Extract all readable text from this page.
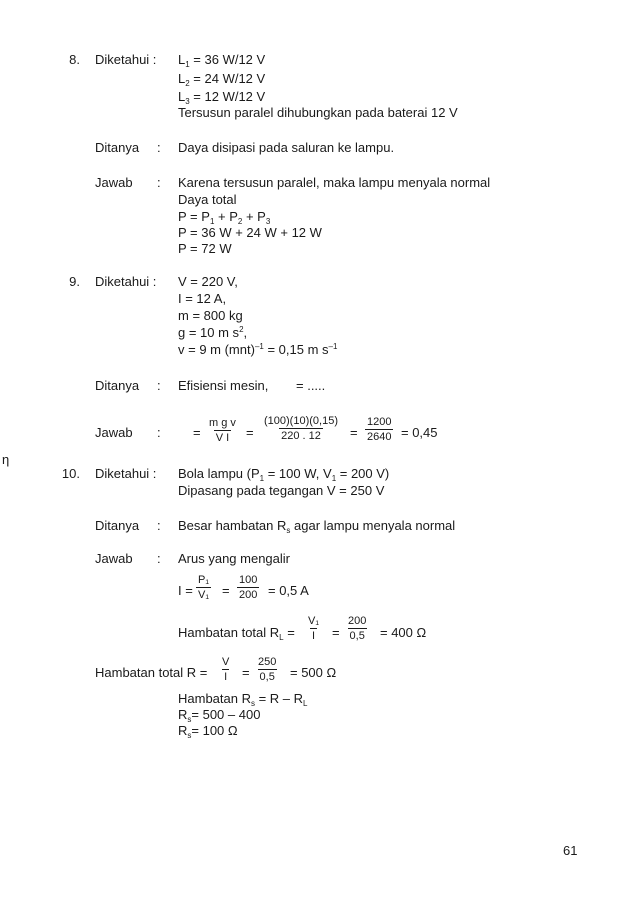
8. Diketahui : $L_1 = 36$ W/12 V
$L_2 = 24$ W/12 V
$L_3 = 12$ W/12 V
Tersusun paralel dihubungkan pada baterai 12 V
Ditanya : Daya disipasi pada saluran ke lampu.
Jawab : Karena tersusun paralel, maka lampu menyala normal
Daya total
$P = P_1 + P_2 + P_3$
P = 36 W + 24 W + 12 W
P = 72 W
9. Diketahui : V = 220 V,
I = 12 A,
m = 800 kg
g = 10 m $s^2$,
v = 9 m (mnt)$^{-1}$ = 0,15 m $s^{-1}$
Ditanya : Efisiensi mesin, = .....
Jawab : = $\frac{\text{m g v}}{\text{V I}} = \frac{(100)(10)(0,15)}{220 . 12} = \frac{1200}{2640} = 0,45$
η
10. Diketahui : Bola lampu ($P_1 = 100$ W, $V_1 = 200$ V)
Dipasang pada tegangan V = 250 V
Ditanya : Besar hambatan $R_s$ agar lampu menyala normal
Jawab : Arus yang mengalir
$I = \frac{\text{P₁}}{\text{V₁}} = \frac{100}{200} = 0,5$ A
Hambatan total $R_L = \frac{\text{V₁}}{I} = \frac{200}{0,5} = 400$ Ω
Hambatan total $R = \frac{V}{I} = \frac{250}{0,5} = 500$ Ω
Hambatan $R_s = R - R_L$
$R_s= 500 - 400$
$R_s= 100$ Ω
61
